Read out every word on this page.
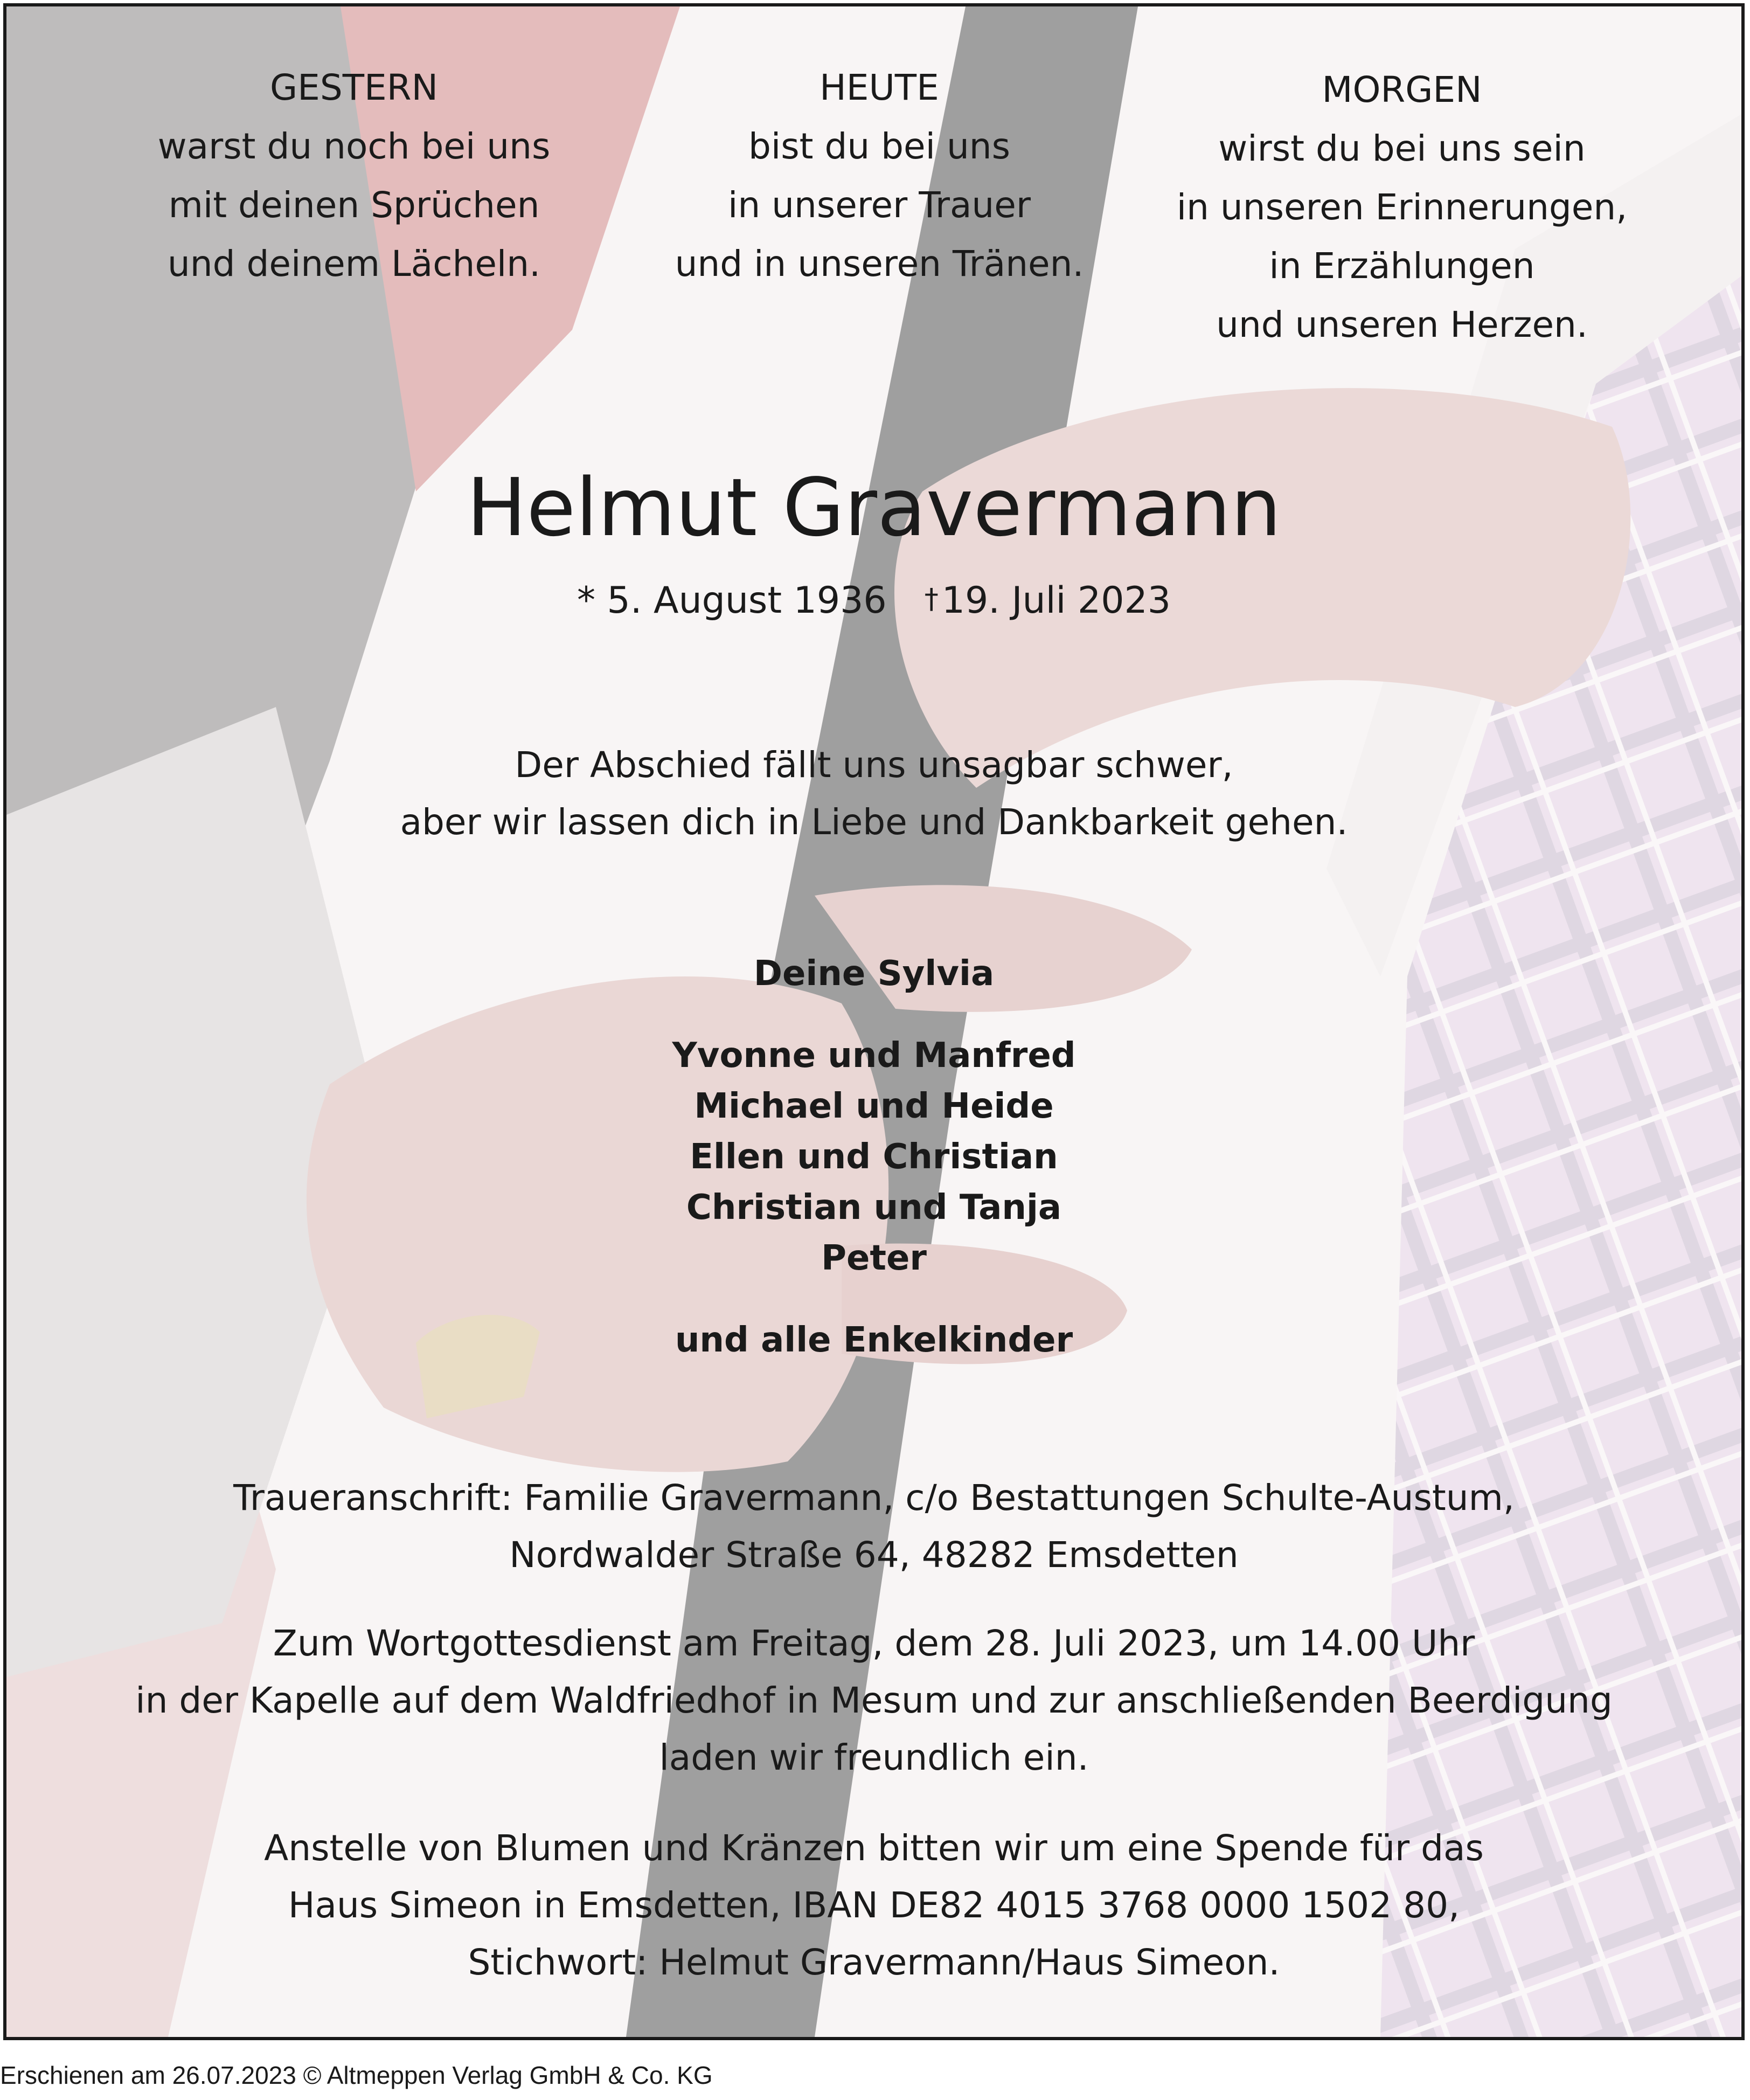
GESTERN
warst du noch bei uns
mit deinen Sprüchen
und deinem Lächeln.
HEUTE
bist du bei uns
in unserer Trauer
und in unseren Tränen.
MORGEN
wirst du bei uns sein
in unseren Erinnerungen,
in Erzählungen
und unseren Herzen.
Helmut Gravermann
* 5. August 1936 †19. Juli 2023
Der Abschied fällt uns unsagbar schwer,
aber wir lassen dich in Liebe und Dankbarkeit gehen.
Deine Sylvia
Yvonne und Manfred
Michael und Heide
Ellen und Christian
Christian und Tanja
Peter
und alle Enkelkinder
Traueranschrift: Familie Gravermann, c/o Bestattungen Schulte-Austum,
Nordwalder Straße 64, 48282 Emsdetten
Zum Wortgottesdienst am Freitag, dem 28. Juli 2023, um 14.00 Uhr
in der Kapelle auf dem Waldfriedhof in Mesum und zur anschließenden Beerdigung
laden wir freundlich ein.
Anstelle von Blumen und Kränzen bitten wir um eine Spende für das
Haus Simeon in Emsdetten, IBAN DE82 4015 3768 0000 1502 80,
Stichwort: Helmut Gravermann/Haus Simeon.
Erschienen am 26.07.2023 © Altmeppen Verlag GmbH & Co. KG
